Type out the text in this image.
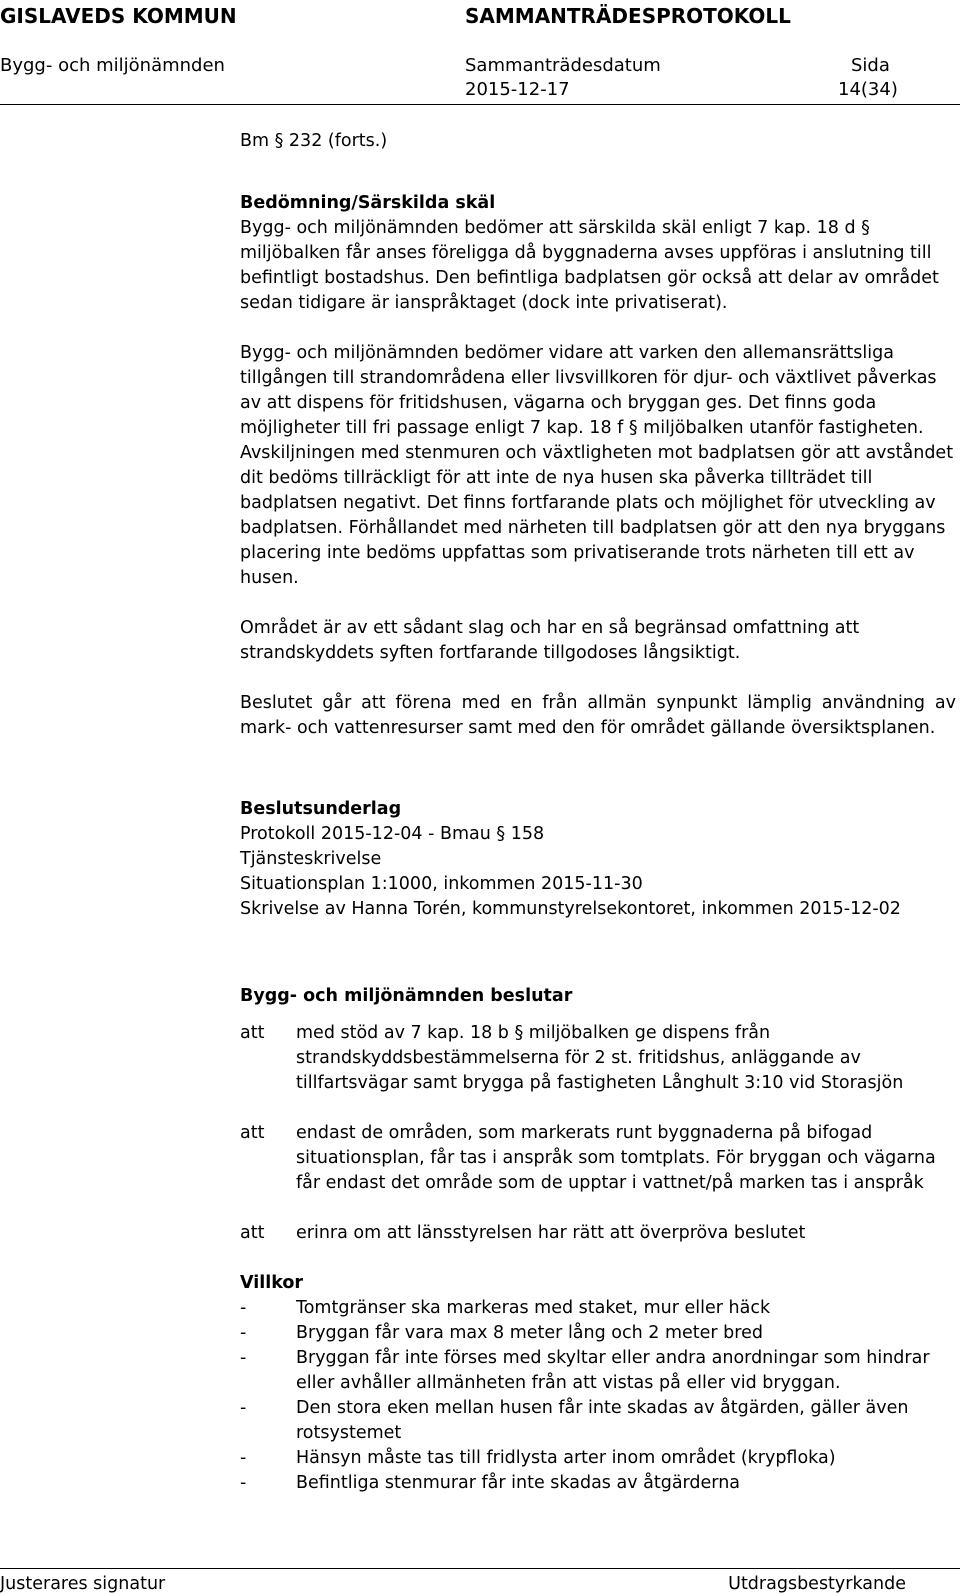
GISLAVEDS KOMMUN	SAMMANTRÄDESPROTOKOLL
Bygg- och miljönämnden	Sammanträdesdatum
2015-12-17
Sida
14(34)

Bm § 232 (forts.)

Bedömning/Särskilda skäl

Bygg- och miljönämnden bedömer att särskilda skäl enligt 7 kap. 18 d § miljöbalken får anses föreligga då byggnaderna avses uppföras i anslutning till befintligt bostadshus. Den befintliga badplatsen gör också att delar av området sedan tidigare är ianspråktaget (dock inte privatiserat).

Bygg- och miljönämnden bedömer vidare att varken den allemansrättsliga tillgången till strandområdena eller livsvillkoren för djur- och växtlivet påverkas av att dispens för fritidshusen, vägarna och bryggan ges. Det finns goda möjligheter till fri passage enligt 7 kap. 18 f § miljöbalken utanför fastigheten. Avskiljningen med stenmuren och växtligheten mot badplatsen gör att avståndet dit bedöms tillräckligt för att inte de nya husen ska påverka tillträdet till badplatsen negativt. Det finns fortfarande plats och möjlighet för utveckling av badplatsen. Förhållandet med närheten till badplatsen gör att den nya bryggans placering inte bedöms uppfattas som privatiserande trots närheten till ett av husen.

Området är av ett sådant slag och har en så begränsad omfattning att strandskyddets syften fortfarande tillgodoses långsiktigt.

Beslutet går att förena med en från allmän synpunkt lämplig användning av mark- och vattenresurser samt med den för området gällande översiktsplanen.

Beslutsunderlag

Protokoll 2015-12-04 - Bmau § 158

Tjänsteskrivelse

Situationsplan 1:1000, inkommen 2015-11-30

Skrivelse av Hanna Torén, kommunstyrelsekontoret, inkommen 2015-12-02

Bygg- och miljönämnden beslutar

att	med stöd av 7 kap. 18 b § miljöbalken ge dispens från strandskyddsbestämmelserna för 2 st. fritidshus, anläggande av tillfartsvägar samt brygga på fastigheten Långhult 3:10 vid Storasjön
att	endast de områden, som markerats runt byggnaderna på bifogad situationsplan, får tas i anspråk som tomtplats. För bryggan och vägarna får endast det område som de upptar i vattnet/på marken tas i anspråk
att	erinra om att länsstyrelsen har rätt att överpröva beslutet

Villkor

-	Tomtgränser ska markeras med staket, mur eller häck
-	Bryggan får vara max 8 meter lång och 2 meter bred
-	Bryggan får inte förses med skyltar eller andra anordningar som hindrar eller avhåller allmänheten från att vistas på eller vid bryggan.
-	Den stora eken mellan husen får inte skadas av åtgärden, gäller även rotsystemet
-	Hänsyn måste tas till fridlysta arter inom området (krypfloka)
-	Befintliga stenmurar får inte skadas av åtgärderna
Justerares signatur	Utdragsbestyrkande
